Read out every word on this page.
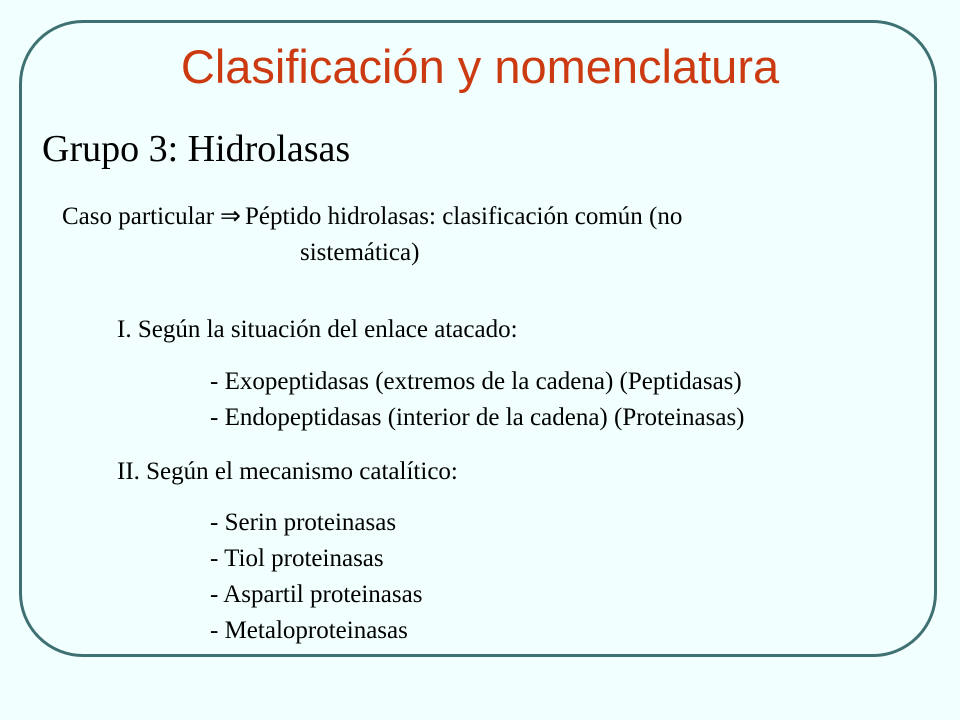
Clasificación y nomenclatura
Grupo 3: Hidrolasas
Caso particular ⇒ Péptido hidrolasas: clasificación común (no
sistemática)
I. Según la situación del enlace atacado:
- Exopeptidasas (extremos de la cadena) (Peptidasas)
- Endopeptidasas (interior de la cadena) (Proteinasas)
II. Según el mecanismo catalítico:
- Serin proteinasas
- Tiol proteinasas
- Aspartil proteinasas
- Metaloproteinasas
